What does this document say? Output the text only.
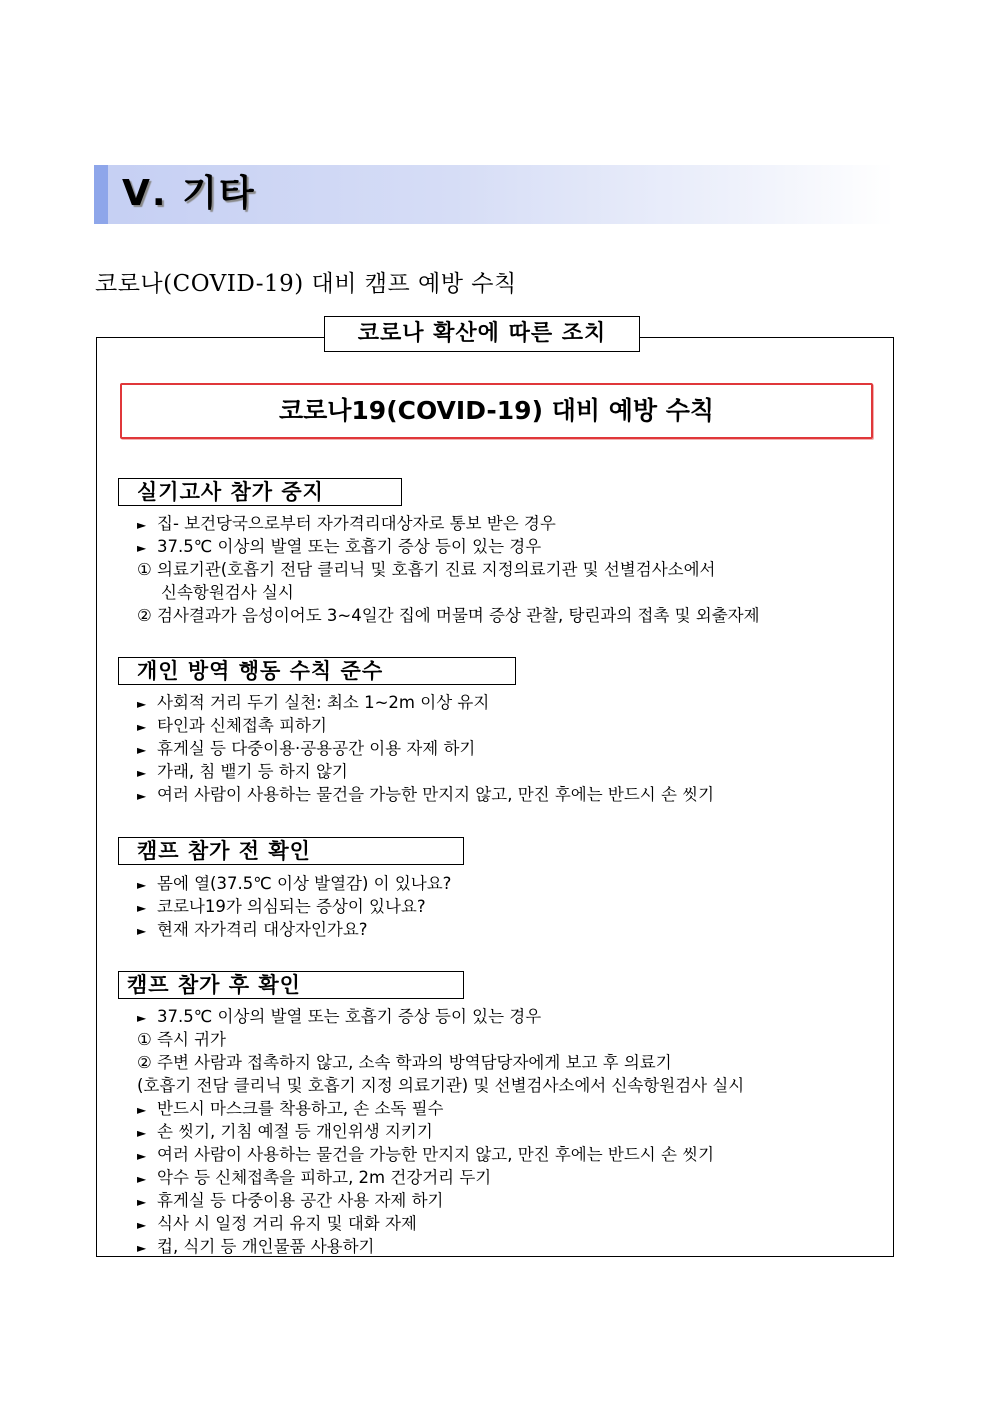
Ⅴ. 기타
코로나(COVID-19) 대비 캠프 예방 수칙
코로나 확산에 따른 조치
코로나19(COVID-19) 대비 예방 수칙
실기고사 참가 중지
► 집- 보건당국으로부터 자가격리대상자로 통보 받은 경우
► 37.5℃ 이상의 발열 또는 호흡기 증상 등이 있는 경우
① 의료기관(호흡기 전담 클리닉 및 호흡기 진료 지정의료기관 및 선별검사소에서
신속항원검사 실시
② 검사결과가 음성이어도 3~4일간 집에 머물며 증상 관찰, 탕린과의 접촉 및 외출자제
개인 방역 행동 수칙 준수
► 사회적 거리 두기 실천: 최소 1~2m 이상 유지
► 타인과 신체접촉 피하기
► 휴게실 등 다중이용·공용공간 이용 자제 하기
► 가래, 침 뱉기 등 하지 않기
► 여러 사람이 사용하는 물건을 가능한 만지지 않고, 만진 후에는 반드시 손 씻기
캠프 참가 전 확인
► 몸에 열(37.5℃ 이상 발열감) 이 있나요?
► 코로나19가 의심되는 증상이 있나요?
► 현재 자가격리 대상자인가요?
캠프 참가 후 확인
► 37.5℃ 이상의 발열 또는 호흡기 증상 등이 있는 경우
① 즉시 귀가
② 주변 사람과 접촉하지 않고, 소속 학과의 방역담당자에게 보고 후 의료기
(호흡기 전담 클리닉 및 호흡기 지정 의료기관) 및 선별검사소에서 신속항원검사 실시
► 반드시 마스크를 착용하고, 손 소독 필수
► 손 씻기, 기침 예절 등 개인위생 지키기
► 여러 사람이 사용하는 물건을 가능한 만지지 않고, 만진 후에는 반드시 손 씻기
► 악수 등 신체접촉을 피하고, 2m 건강거리 두기
► 휴게실 등 다중이용 공간 사용 자제 하기
► 식사 시 일정 거리 유지 및 대화 자제
► 컵, 식기 등 개인물품 사용하기
